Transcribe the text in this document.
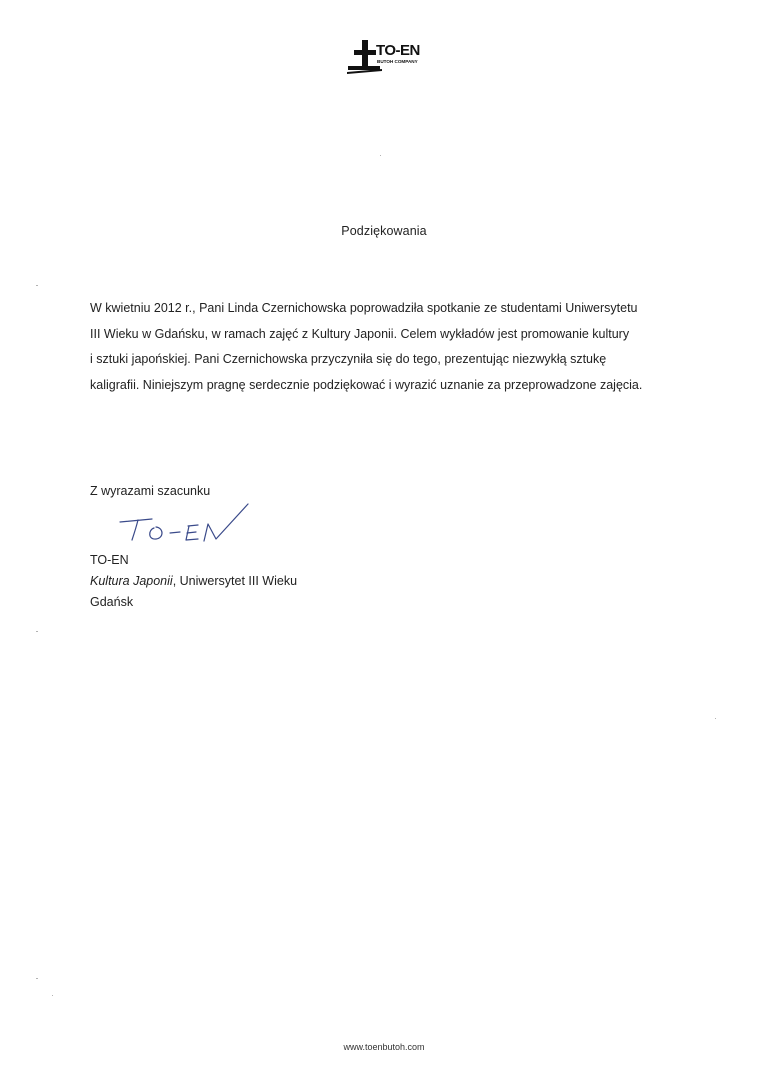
TO-EN
BUTOH COMPANY
Podziękowania
W kwietniu 2012 r., Pani Linda Czernichowska poprowadziła spotkanie ze studentami Uniwersytetu
III Wieku w Gdańsku, w ramach zajęć z Kultury Japonii. Celem wykładów jest promowanie kultury
i sztuki japońskiej. Pani Czernichowska przyczyniła się do tego, prezentując niezwykłą sztukę
kaligrafii. Niniejszym pragnę serdecznie podziękować i wyrazić uznanie za przeprowadzone zajęcia.
Z wyrazami szacunku
TO-EN
Kultura Japonii, Uniwersytet III Wieku
Gdańsk
www.toenbutoh.com
